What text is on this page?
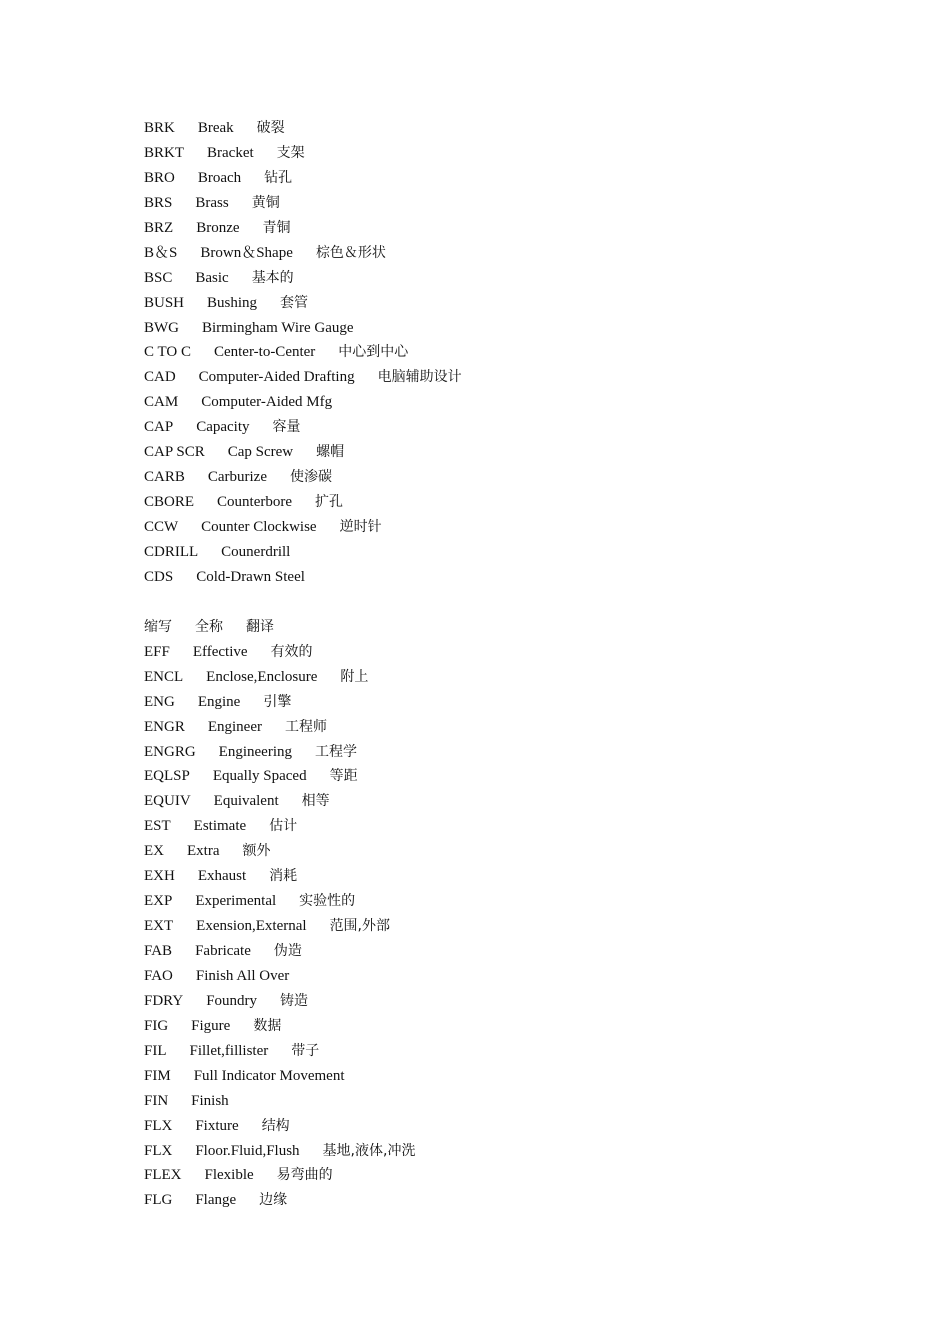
BRK Break 破裂
BRKT Bracket 支架
BRO Broach 钻孔
BRS Brass 黄铜
BRZ Bronze 青铜
B＆S Brown＆Shape 棕色＆形状
BSC Basic 基本的
BUSH Bushing 套管
BWG Birmingham Wire Gauge
C TO C Center-to-Center 中心到中心
CAD Computer-Aided Drafting 电脑辅助设计
CAM Computer-Aided Mfg
CAP Capacity 容量
CAP SCR Cap Screw 螺帽
CARB Carburize 使渗碳
CBORE Counterbore 扩孔
CCW Counter Clockwise 逆时针
CDRILL Counerdrill
CDS Cold-Drawn Steel
缩写 全称 翻译
EFF Effective 有效的
ENCL Enclose,Enclosure 附上
ENG Engine 引擎
ENGR Engineer 工程师
ENGRG Engineering 工程学
EQLSP Equally Spaced 等距
EQUIV Equivalent 相等
EST Estimate 估计
EX Extra 额外
EXH Exhaust 消耗
EXP Experimental 实验性的
EXT Exension,External 范围,外部
FAB Fabricate 伪造
FAO Finish All Over
FDRY Foundry 铸造
FIG Figure 数据
FIL Fillet,fillister 带子
FIM Full Indicator Movement
FIN Finish
FLX Fixture 结构
FLX Floor.Fluid,Flush 基地,液体,冲洗
FLEX Flexible 易弯曲的
FLG Flange 边缘
